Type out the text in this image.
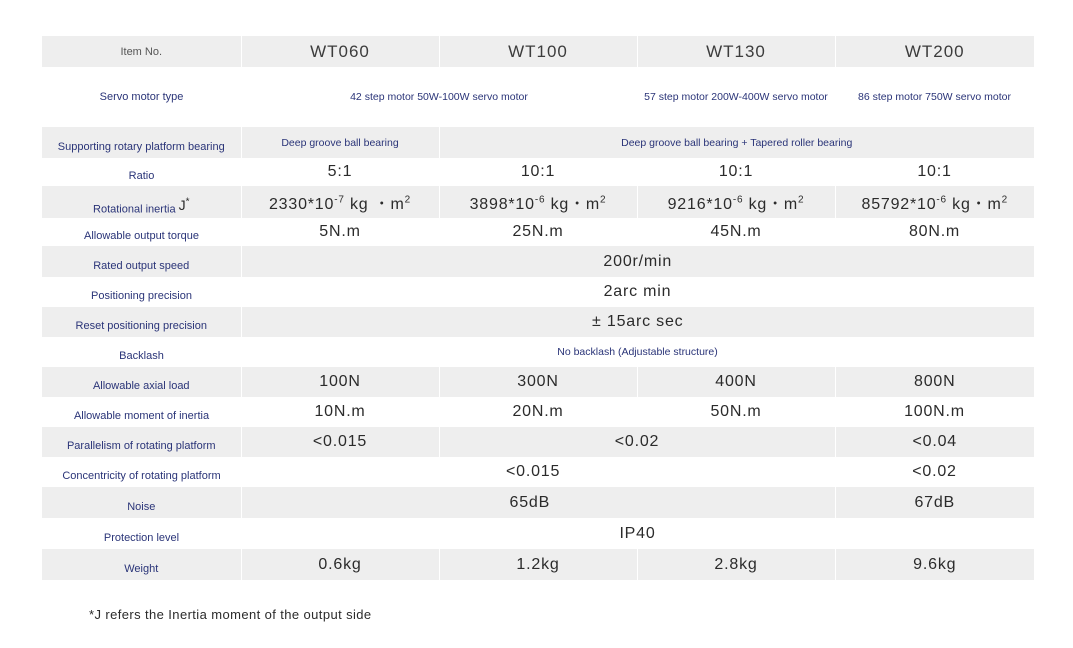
Item No.	WT060	WT100	WT130	WT200
Servo motor type	42 step motor 50W-100W servo motor		57 step motor 200W-400W servo motor	86 step motor 750W servo motor
Supporting rotary platform bearing	Deep groove ball bearing	Deep groove ball bearing + Tapered roller bearing		
Ratio	5:1	10:1	10:1	10:1
Rotational inertia J*	$2330*10^{-7}$ kg ・$m^2$	$3898*10^{-6}$ kg・$m^2$	$9216*10^{-6}$ kg・$m^2$	$85792*10^{-6}$ kg・$m^2$
Allowable output torque	5N.m	25N.m	45N.m	80N.m
Rated output speed	200r/min			
Positioning precision	2arc min			
Reset positioning precision	± 15arc sec			
Backlash	No backlash (Adjustable structure)			
Allowable axial load	100N	300N	400N	800N
Allowable moment of inertia	10N.m	20N.m	50N.m	100N.m
Parallelism of rotating platform	<0.015	<0.02		<0.04
Concentricity of rotating platform	<0.015			<0.02
Noise	65dB			67dB
Protection level	IP40			
Weight	0.6kg	1.2kg	2.8kg	9.6kg
*J refers the Inertia moment of the output side
